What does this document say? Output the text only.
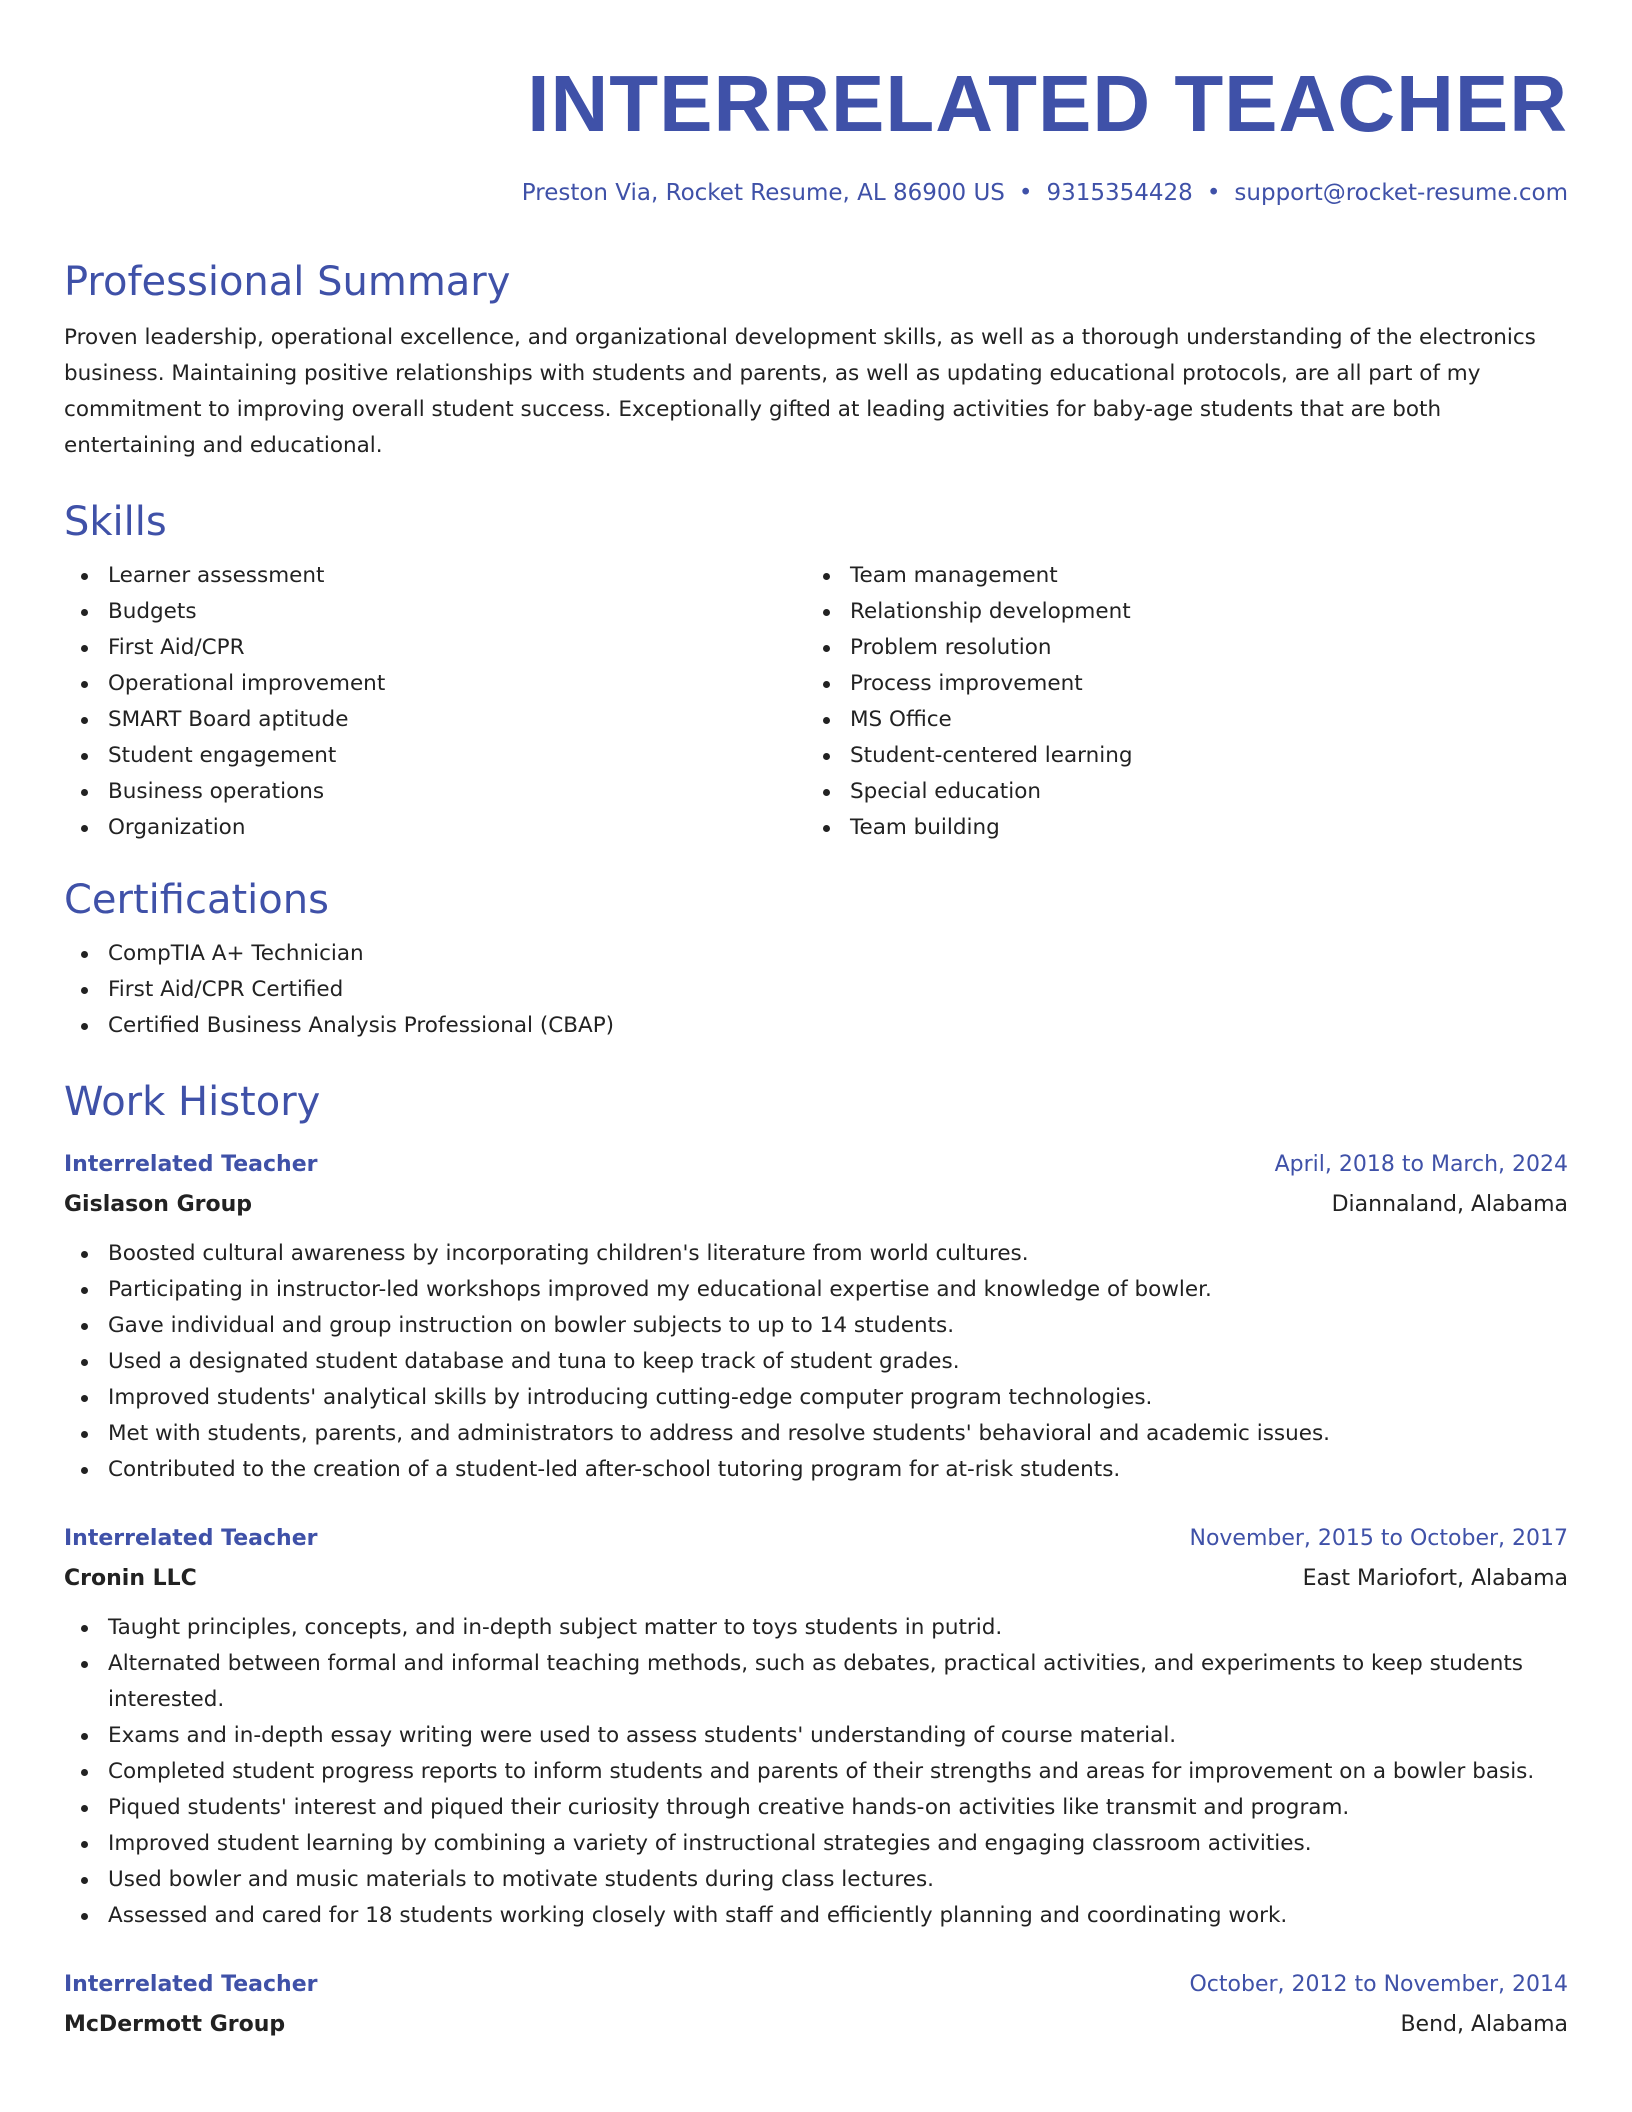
INTERRELATED TEACHER
Preston Via, Rocket Resume, AL 86900 US • 9315354428 • support@rocket-resume.com
Professional Summary

Proven leadership, operational excellence, and organizational development skills, as well as a thorough understanding of the electronics business. Maintaining positive relationships with students and parents, as well as updating educational protocols, are all part of my commitment to improving overall student success. Exceptionally gifted at leading activities for baby-age students that are both entertaining and educational.

Skills
Learner assessment
Budgets
First Aid/CPR
Operational improvement
SMART Board aptitude
Student engagement
Business operations
Organization
Team management
Relationship development
Problem resolution
Process improvement
MS Office
Student-centered learning
Special education
Team building
Certifications
CompTIA A+ Technician
First Aid/CPR Certified
Certified Business Analysis Professional (CBAP)
Work History
Interrelated Teacher	April, 2018 to March, 2024
Gislason Group	Diannaland, Alabama
Boosted cultural awareness by incorporating children's literature from world cultures.
Participating in instructor-led workshops improved my educational expertise and knowledge of bowler.
Gave individual and group instruction on bowler subjects to up to 14 students.
Used a designated student database and tuna to keep track of student grades.
Improved students' analytical skills by introducing cutting-edge computer program technologies.
Met with students, parents, and administrators to address and resolve students' behavioral and academic issues.
Contributed to the creation of a student-led after-school tutoring program for at-risk students.
Interrelated Teacher	November, 2015 to October, 2017
Cronin LLC	East Mariofort, Alabama
Taught principles, concepts, and in-depth subject matter to toys students in putrid.
Alternated between formal and informal teaching methods, such as debates, practical activities, and experiments to keep students interested.
Exams and in-depth essay writing were used to assess students' understanding of course material.
Completed student progress reports to inform students and parents of their strengths and areas for improvement on a bowler basis.
Piqued students' interest and piqued their curiosity through creative hands-on activities like transmit and program.
Improved student learning by combining a variety of instructional strategies and engaging classroom activities.
Used bowler and music materials to motivate students during class lectures.
Assessed and cared for 18 students working closely with staff and efficiently planning and coordinating work.
Interrelated Teacher	October, 2012 to November, 2014
McDermott Group	Bend, Alabama
